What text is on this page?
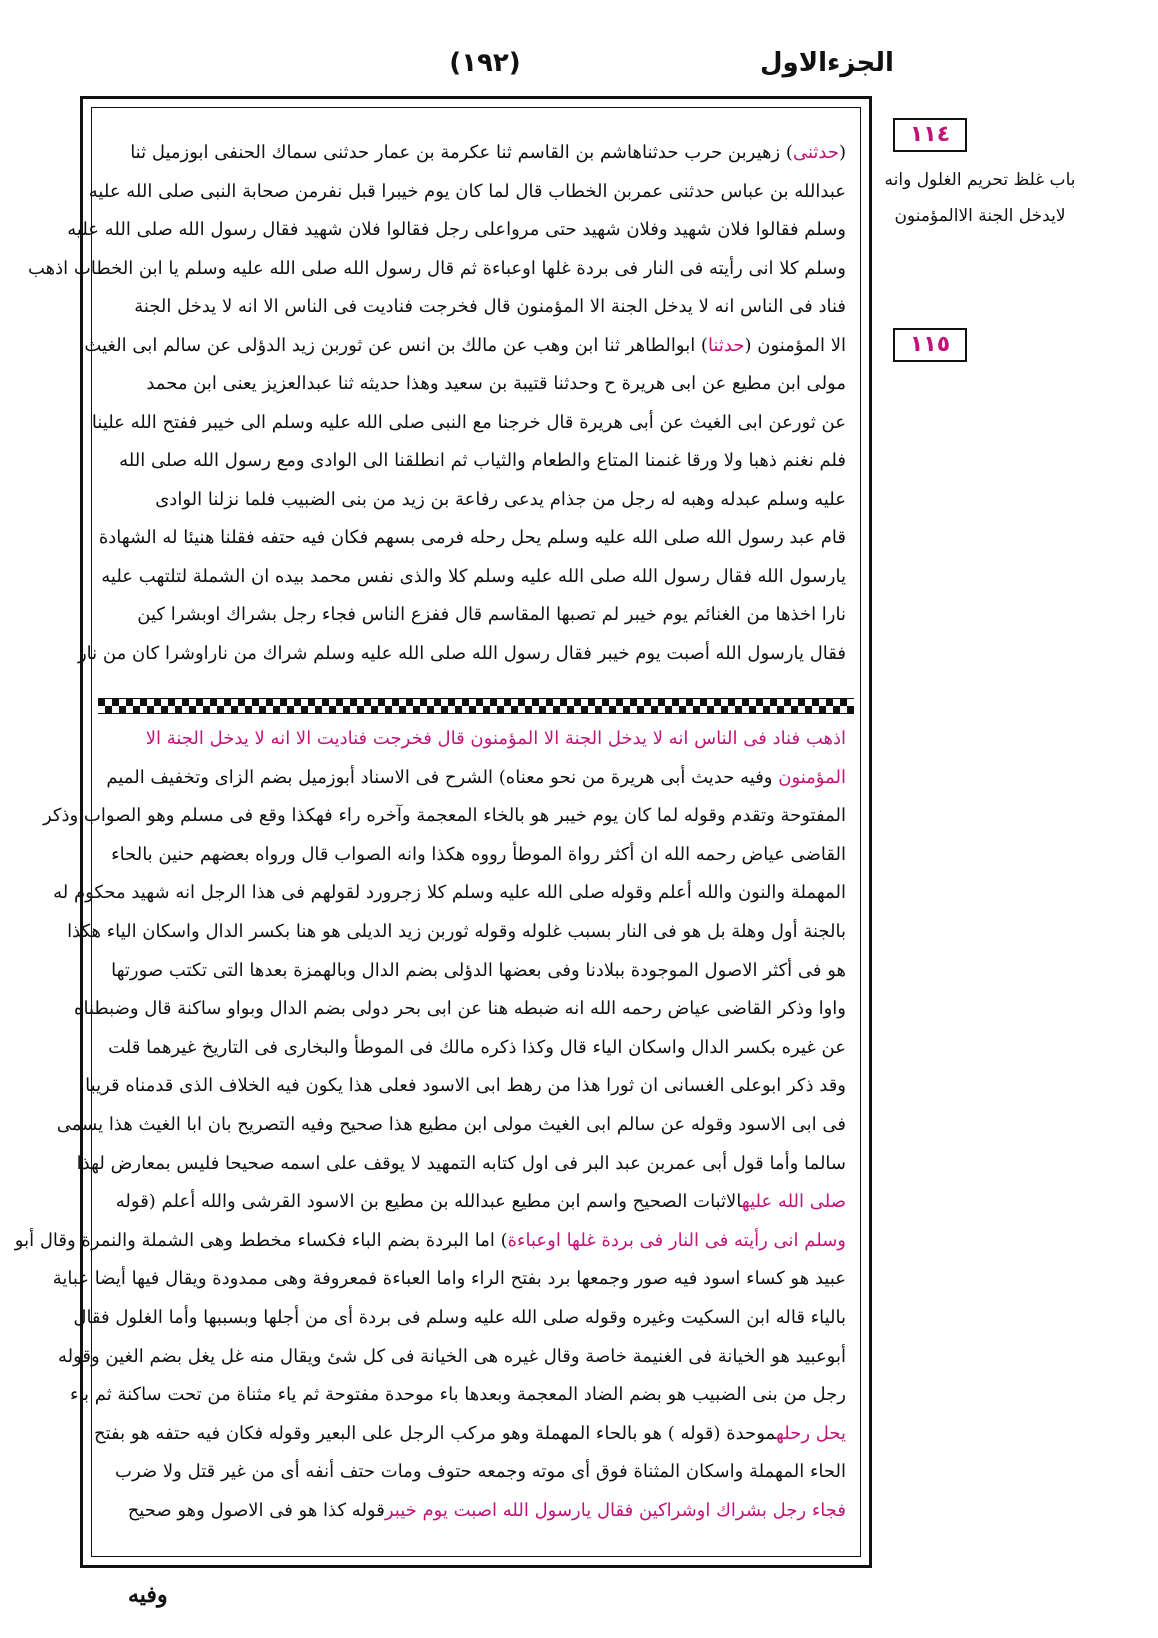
الجزءالاول
(١٩٢)
(حدثنى) زهيربن حرب حدثناهاشم بن القاسم ثنا عكرمة بن عمار حدثنى سماك الحنفى ابوزميل ثنا
عبدالله بن عباس حدثنى عمربن الخطاب قال لما كان يوم خيبرا قبل نفرمن صحابة النبى صلى الله عليه
وسلم فقالوا فلان شهيد وفلان شهيد حتى مرواعلى رجل فقالوا فلان شهيد فقال رسول الله صلى الله عليه
وسلم كلا انى رأيته فى النار فى بردة غلها اوعباءة ثم قال رسول الله صلى الله عليه وسلم يا ابن الخطاب اذهب
فناد فى الناس انه لا يدخل الجنة الا المؤمنون قال فخرجت فناديت فى الناس الا انه لا يدخل الجنة
الا المؤمنون (حدثنا) ابوالطاهر ثنا ابن وهب عن مالك بن انس عن ثوربن زيد الدؤلى عن سالم ابى الغيث
مولى ابن مطيع عن ابى هريرة ح وحدثنا قتيبة بن سعيد وهذا حديثه ثنا عبدالعزيز يعنى ابن محمد
عن ثورعن ابى الغيث عن أبى هريرة قال خرجنا مع النبى صلى الله عليه وسلم الى خيبر ففتح الله علينا
فلم نغنم ذهبا ولا ورقا غنمنا المتاع والطعام والثياب ثم انطلقنا الى الوادى ومع رسول الله صلى الله
عليه وسلم عبدله وهبه له رجل من جذام يدعى رفاعة بن زيد من بنى الضبيب فلما نزلنا الوادى
قام عبد رسول الله صلى الله عليه وسلم يحل رحله فرمى بسهم فكان فيه حتفه فقلنا هنيئا له الشهادة
يارسول الله فقال رسول الله صلى الله عليه وسلم كلا والذى نفس محمد بيده ان الشملة لتلتهب عليه
نارا اخذها من الغنائم يوم خيبر لم تصبها المقاسم قال ففزع الناس فجاء رجل بشراك اوبشرا كين
فقال يارسول الله أصبت يوم خيبر فقال رسول الله صلى الله عليه وسلم شراك من ناراوشرا كان من نار
اذهب فناد فى الناس انه لا يدخل الجنة الا المؤمنون قال فخرجت فناديت الا انه لا يدخل الجنة الا
المؤمنون وفيه حديث أبى هريرة من نحو معناه) الشرح فى الاسناد أبوزميل بضم الزاى وتخفيف الميم
المفتوحة وتقدم وقوله لما كان يوم خيبر هو بالخاء المعجمة وآخره راء فهكذا وقع فى مسلم وهو الصواب وذكر
القاضى عياض رحمه الله ان أكثر رواة الموطأ رووه هكذا وانه الصواب قال ورواه بعضهم حنين بالحاء
المهملة والنون والله أعلم وقوله صلى الله عليه وسلم كلا زجرورد لقولهم فى هذا الرجل انه شهيد محكوم له
بالجنة أول وهلة بل هو فى النار بسبب غلوله وقوله ثوربن زيد الديلى هو هنا بكسر الدال واسكان الياء هكذا
هو فى أكثر الاصول الموجودة ببلادنا وفى بعضها الدؤلى بضم الدال وبالهمزة بعدها التى تكتب صورتها
واوا وذكر القاضى عياض رحمه الله انه ضبطه هنا عن ابى بحر دولى بضم الدال وبواو ساكنة قال وضبطناه
عن غيره بكسر الدال واسكان الياء قال وكذا ذكره مالك فى الموطأ والبخارى فى التاريخ غيرهما قلت
وقد ذكر ابوعلى الغسانى ان ثورا هذا من رهط ابى الاسود فعلى هذا يكون فيه الخلاف الذى قدمناه قريبا
فى ابى الاسود وقوله عن سالم ابى الغيث مولى ابن مطيع هذا صحيح وفيه التصريح بان ابا الغيث هذا يسمى
سالما وأما قول أبى عمربن عبد البر فى اول كتابه التمهيد لا يوقف على اسمه صحيحا فليس بمعارض لهذا
صلى الله عليهالاثبات الصحيح واسم ابن مطيع عبدالله بن مطيع بن الاسود القرشى والله أعلم (قوله
وسلم انى رأيته فى النار فى بردة غلها اوعباءة) اما البردة بضم الباء فكساء مخطط وهى الشملة والنمرة وقال أبو
عبيد هو كساء اسود فيه صور وجمعها برد بفتح الراء واما العباءة فمعروفة وهى ممدودة ويقال فيها أيضا عباية
بالياء قاله ابن السكيت وغيره وقوله صلى الله عليه وسلم فى بردة أى من أجلها وبسببها وأما الغلول فقال
أبوعبيد هو الخيانة فى الغنيمة خاصة وقال غيره هى الخيانة فى كل شئ ويقال منه غل يغل بضم الغين وقوله
رجل من بنى الضبيب هو بضم الضاد المعجمة وبعدها باء موحدة مفتوحة ثم ياء مثناة من تحت ساكنة ثم باء
يحل رحلهموحدة (قوله ) هو بالحاء المهملة وهو مركب الرجل على البعير وقوله فكان فيه حتفه هو بفتح
الحاء المهملة واسكان المثناة فوق أى موته وجمعه حتوف ومات حتف أنفه أى من غير قتل ولا ضرب
فجاء رجل بشراك اوشراكين فقال يارسول الله اصبت يوم خيبرقوله كذا هو فى الاصول وهو صحيح
١١٤
باب غلظ تحريم الغلول وانه
لايدخل الجنة الاالمؤمنون
١١٥
وفيه
